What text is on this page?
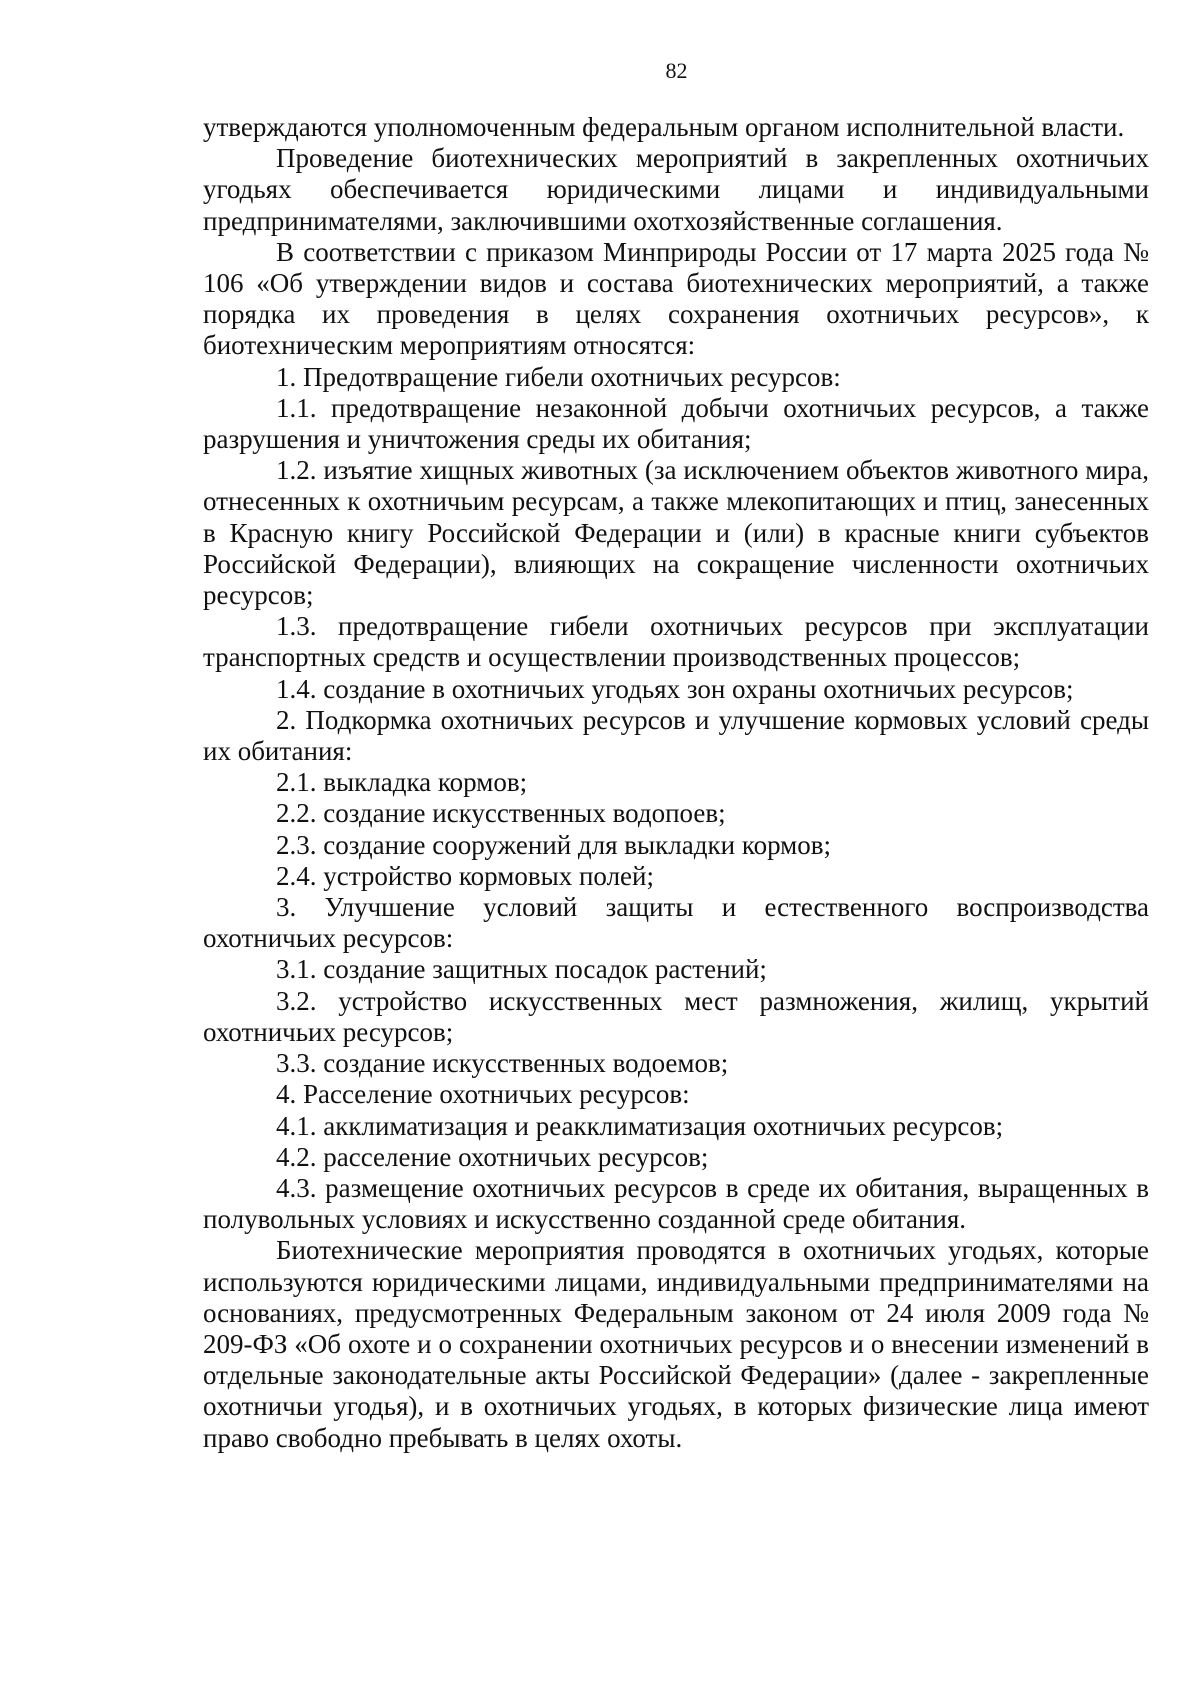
82

утверждаются уполномоченным федеральным органом исполнительной власти.

Проведение биотехнических мероприятий в закрепленных охотничьих угодьях обеспечивается юридическими лицами и индивидуальными предпринимателями, заключившими охотхозяйственные соглашения.

В соответствии с приказом Минприроды России от 17 марта 2025 года № 106 «Об утверждении видов и состава биотехнических мероприятий, а также порядка их проведения в целях сохранения охотничьих ресурсов», к биотехническим мероприятиям относятся:

1. Предотвращение гибели охотничьих ресурсов:

1.1. предотвращение незаконной добычи охотничьих ресурсов, а также разрушения и уничтожения среды их обитания;

1.2. изъятие хищных животных (за исключением объектов животного мира, отнесенных к охотничьим ресурсам, а также млекопитающих и птиц, занесенных в Красную книгу Российской Федерации и (или) в красные книги субъектов Российской Федерации), влияющих на сокращение численности охотничьих ресурсов;

1.3. предотвращение гибели охотничьих ресурсов при эксплуатации транспортных средств и осуществлении производственных процессов;

1.4. создание в охотничьих угодьях зон охраны охотничьих ресурсов;

2. Подкормка охотничьих ресурсов и улучшение кормовых условий среды их обитания:

2.1. выкладка кормов;

2.2. создание искусственных водопоев;

2.3. создание сооружений для выкладки кормов;

2.4. устройство кормовых полей;

3. Улучшение условий защиты и естественного воспроизводства охотничьих ресурсов:

3.1. создание защитных посадок растений;

3.2. устройство искусственных мест размножения, жилищ, укрытий охотничьих ресурсов;

3.3. создание искусственных водоемов;

4. Расселение охотничьих ресурсов:

4.1. акклиматизация и реакклиматизация охотничьих ресурсов;

4.2. расселение охотничьих ресурсов;

4.3. размещение охотничьих ресурсов в среде их обитания, выращенных в полувольных условиях и искусственно созданной среде обитания.

Биотехнические мероприятия проводятся в охотничьих угодьях, которые используются юридическими лицами, индивидуальными предпринимателями на основаниях, предусмотренных Федеральным законом от 24 июля 2009 года № 209-ФЗ «Об охоте и о сохранении охотничьих ресурсов и о внесении изменений в отдельные законодательные акты Российской Федерации» (далее - закрепленные охотничьи угодья), и в охотничьих угодьях, в которых физические лица имеют право свободно пребывать в целях охоты.
